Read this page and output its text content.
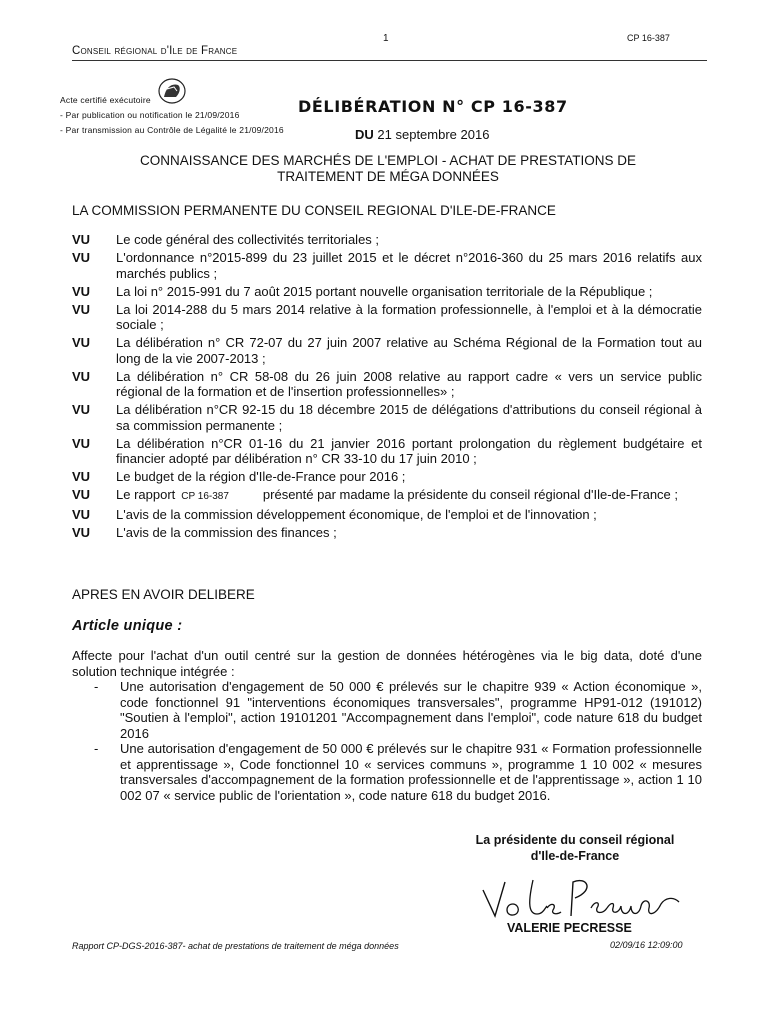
1	CP 16-387
Conseil régional d'Ile de France
Acte certifié exécutoire
- Par publication ou notification le 21/09/2016
- Par transmission au Contrôle de Légalité le 21/09/2016
DÉLIBÉRATION N° CP 16-387
DU 21 septembre 2016
CONNAISSANCE DES MARCHÉS DE L'EMPLOI - ACHAT DE PRESTATIONS DE
TRAITEMENT DE MÉGA DONNÉES
LA COMMISSION PERMANENTE DU CONSEIL REGIONAL D'ILE-DE-FRANCE
VU	Le code général des collectivités territoriales ;
VU	L'ordonnance n°2015-899 du 23 juillet 2015 et le décret n°2016-360 du 25 mars 2016 relatifs aux marchés publics ;
VU	La loi n° 2015-991 du 7 août 2015 portant nouvelle organisation territoriale de la République ;
VU	La loi 2014-288 du 5 mars 2014 relative à la formation professionnelle, à l'emploi et à la démocratie sociale ;
VU	La délibération n° CR 72-07 du 27 juin 2007 relative au Schéma Régional de la Formation tout au long de la vie 2007-2013 ;
VU	La délibération n° CR 58-08 du 26 juin 2008 relative au rapport cadre « vers un service public régional de la formation et de l'insertion professionnelles» ;
VU	La délibération n°CR 92-15 du 18 décembre 2015 de délégations d'attributions du conseil régional à sa commission permanente ;
VU	La délibération n°CR 01-16 du 21 janvier 2016 portant prolongation du règlement budgétaire et financier adopté par délibération n° CR 33-10 du 17 juin 2010 ;
VU	Le budget de la région d'Ile-de-France pour 2016 ;
VU	Le rapport CP 16-387	présenté par madame la présidente du conseil régional d'Ile-de-France ;
VU	L'avis de la commission développement économique, de l'emploi et de l'innovation ;
VU	L'avis de la commission des finances ;
APRES EN AVOIR DELIBERE
Article unique :
Affecte pour l'achat d'un outil centré sur la gestion de données hétérogènes via le big data, doté d'une solution technique intégrée :
-	Une autorisation d'engagement de 50 000 € prélevés sur le chapitre 939 « Action économique », code fonctionnel 91 "interventions économiques transversales", programme HP91-012 (191012) "Soutien à l'emploi", action 19101201 "Accompagnement dans l'emploi", code nature 618 du budget 2016
-	Une autorisation d'engagement de 50 000 € prélevés sur le chapitre 931 « Formation professionnelle et apprentissage », Code fonctionnel 10 « services communs », programme 1 10 002 « mesures transversales d'accompagnement de la formation professionnelle et de l'apprentissage », action 1 10 002 07 « service public de l'orientation », code nature 618 du budget 2016.
La présidente du conseil régional
d'Ile-de-France
VALERIE PECRESSE
Rapport CP-DGS-2016-387- achat de prestations de traitement de méga données	02/09/16 12:09:00
